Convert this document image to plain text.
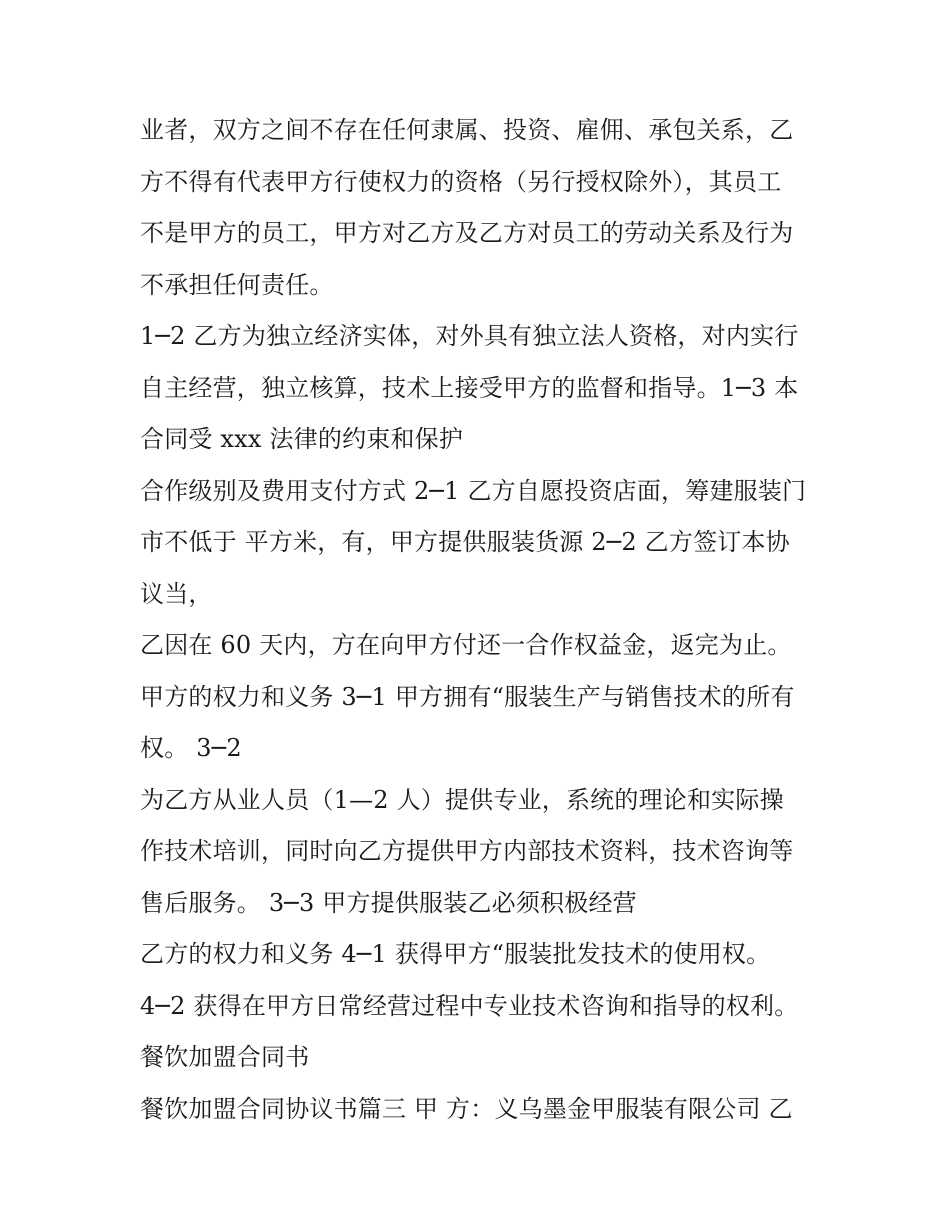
业者，双方之间不存在任何隶属、投资、雇佣、承包关系，乙
方不得有代表甲方行使权力的资格（另行授权除外），其员工
不是甲方的员工，甲方对乙方及乙方对员工的劳动关系及行为
不承担任何责任。
1─2 乙方为独立经济实体，对外具有独立法人资格，对内实行
自主经营，独立核算，技术上接受甲方的监督和指导。1─3 本
合同受 xxx 法律的约束和保护
合作级别及费用支付方式 2─1 乙方自愿投资店面，筹建服装门
市不低于 平方米，有，甲方提供服装货源 2─2 乙方签订本协
议当，
乙因在 60 天内，方在向甲方付还一合作权益金，返完为止。
甲方的权力和义务 3─1 甲方拥有“服装生产与销售技术的所有
权。 3─2
为乙方从业人员（1—2 人）提供专业，系统的理论和实际操
作技术培训，同时向乙方提供甲方内部技术资料，技术咨询等
售后服务。 3─3 甲方提供服装乙必须积极经营
乙方的权力和义务 4─1 获得甲方“服装批发技术的使用权。
4─2 获得在甲方日常经营过程中专业技术咨询和指导的权利。
餐饮加盟合同书
餐饮加盟合同协议书篇三 甲 方：义乌墨金甲服装有限公司 乙
